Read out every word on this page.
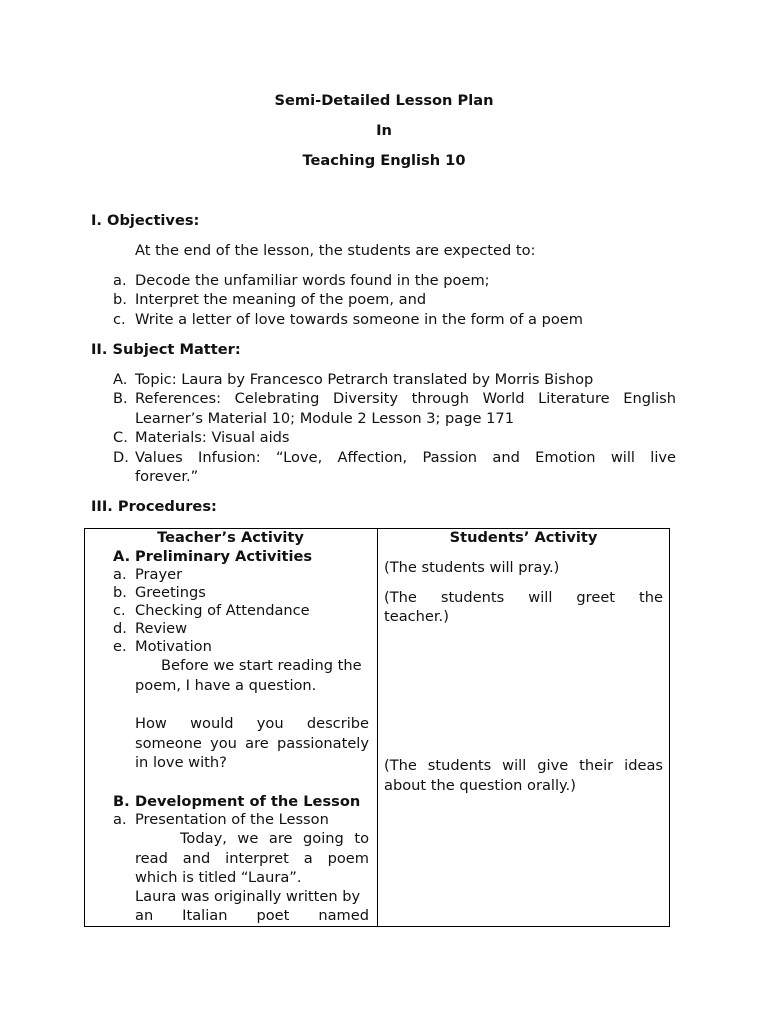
Semi-Detailed Lesson Plan
In
Teaching English 10
I. Objectives:
At the end of the lesson, the students are expected to:
a. Decode the unfamiliar words found in the poem;
b. Interpret the meaning of the poem, and
c. Write a letter of love towards someone in the form of a poem
II. Subject Matter:
A. Topic: Laura by Francesco Petrarch translated by Morris Bishop
B. References: Celebrating Diversity through World Literature English
Learner’s Material 10; Module 2 Lesson 3; page 171
C. Materials: Visual aids
D. Values Infusion: “Love, Affection, Passion and Emotion will live
forever.”
III. Procedures:
Teacher’s Activity	Students’ Activity
A. Preliminary Activities
a. Prayer
b. Greetings
c. Checking of Attendance
d. Review
e. Motivation
Before we start reading the
poem, I have a question.
How would you describe
someone you are passionately
in love with?
B. Development of the Lesson
a. Presentation of the Lesson
Today, we are going to
read and interpret a poem
which is titled “Laura”.
Laura was originally written by
an Italian poet named
(The students will pray.)
(The students will greet the
teacher.)
(The students will give their ideas
about the question orally.)
